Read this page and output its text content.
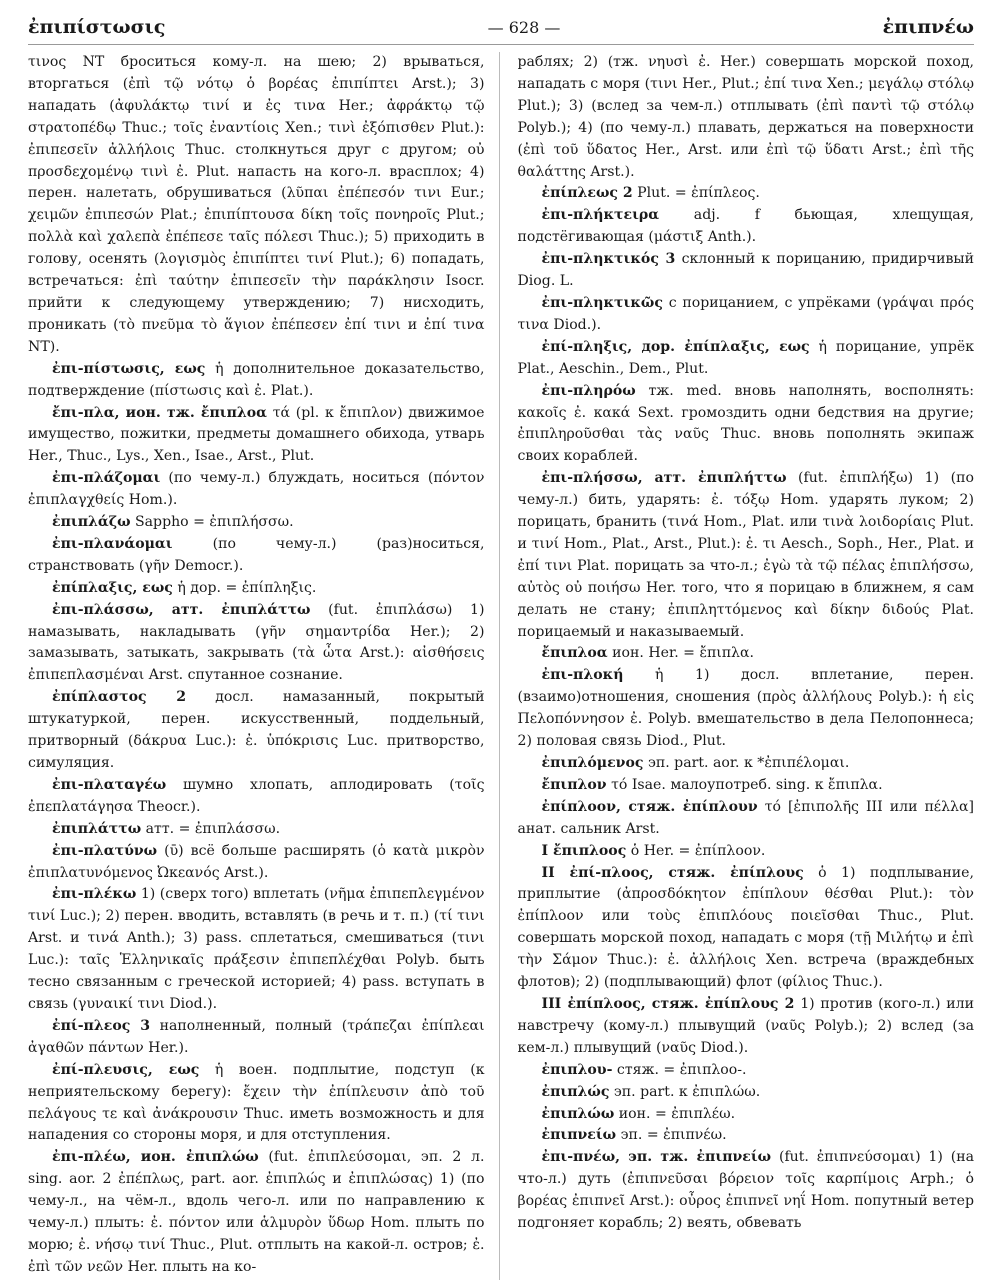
ἐπιπίστωσις	— 628 —	ἐπιπνέω

τινος NT броситься кому-л. на шею; 2) врываться, вторгаться (ἐπὶ τῷ νότῳ ὁ βορέας ἐπιπίπτει Arst.); 3) нападать (ἀφυλάκτῳ τινί и ἐς τινα Her.; ἀφράκτῳ τῷ στρατοπέδῳ Thuc.; τοῖς ἐναντίοις Xen.; τινὶ ἐξόπισθεν Plut.): ἐπιπεσεῖν ἀλλήλοις Thuc. столкнуться друг с другом; οὐ προσδεχομένῳ τινὶ ἐ. Plut. напасть на кого-л. врасплох; 4) перен. налетать, обрушиваться (λῦπαι ἐπέπεσόν τινι Eur.; χειμῶν ἐπιπεσών Plat.; ἐπιπίπτουσα δίκη τοῖς πονηροῖς Plut.; πολλὰ καὶ χαλεπὰ ἐπέπεσε ταῖς πόλεσι Thuc.); 5) приходить в голову, осенять (λογισμὸς ἐπιπίπτει τινί Plut.); 6) попадать, встречаться: ἐπὶ ταύτην ἐπιπεσεῖν τὴν παράκλησιν Isocr. прийти к следующему утверждению; 7) нисходить, проникать (τὸ πνεῦμα τὸ ἅγιον ἐπέπεσεν ἐπί τινι и ἐπί τινα NT).

ἐπι-πίστωσις, εως ἡ дополнительное доказательство, подтверждение (πίστωσις καὶ ἐ. Plat.).

ἔπι-πλα, ион. тж. ἔπιπλοα τά (pl. к ἔπιπλον) движимое имущество, пожитки, предметы домашнего обихода, утварь Her., Thuc., Lys., Xen., Isae., Arst., Plut.

ἐπι-πλάζομαι (по чему-л.) блуждать, носиться (πόντον ἐπιπλαγχθείς Hom.).

ἐπιπλάζω Sappho = ἐπιπλήσσω.

ἐπι-πλανάομαι	(по чему-л.) (раз)носиться, странствовать (γῆν Democr.).

ἐπίπλαξις, εως ἡ дор. = ἐπίπληξις.

ἐπι-πλάσσω, атт. ἐπιπλάττω (fut. ἐπιπλάσω) 1) намазывать, накладывать (γῆν σημαντρίδα Her.); 2) замазывать, затыкать, закрывать (τὰ ὦτα Arst.): αἰσθήσεις ἐπιπεπλασμέναι Arst. спутанное сознание.

ἐπίπλαστος 2 досл. намазанный, покрытый штукатуркой, перен. искусственный, поддельный, притворный (δάκρυα Luc.): ἐ. ὑπόκρισις Luc. притворство, симуляция.

ἐπι-πλαταγέω шумно хлопать, аплодировать (τοῖς ἐπεπλατάγησα Theocr.).

ἐπιπλάττω атт. = ἐπιπλάσσω.

ἐπι-πλατύνω (ῡ) всё больше расширять (ὁ κατὰ μικρὸν ἐπιπλατυνόμενος Ὠκεανός Arst.).

ἐπι-πλέκω 1) (сверх того) вплетать (νῆμα ἐπιπεπλεγμένον τινί Luc.); 2) перен. вводить, вставлять (в речь и т. п.) (τί τινι Arst. и τινά Anth.); 3) pass. сплетаться, смешиваться (τινι Luc.): ταῖς Ἑλληνικαῖς πράξεσιν ἐπιπεπλέχθαι Polyb. быть тесно связанным с греческой историей; 4) pass. вступать в связь (γυναικί τινι Diod.).

ἐπί-πλεος 3 наполненный, полный (τράπεζαι ἐπίπλεαι ἀγαθῶν πάντων Her.).

ἐπί-πλευσις, εως ἡ воен. подплытие, подступ (к неприятельскому берегу): ἔχειν τὴν ἐπίπλευσιν ἀπὸ τοῦ πελάγους τε καὶ ἀνάκρουσιν Thuc. иметь возможность и для нападения со стороны моря, и для отступления.

ἐπι-πλέω, ион. ἐπιπλώω (fut. ἐπιπλεύσομαι, эп. 2 л. sing. aor. 2 ἐπέπλως, part. aor. ἐπιπλώς и ἐπιπλώσας) 1) (по чему-л., на чём-л., вдоль чего-л. или по направлению к чему-л.) плыть: ἐ. πόντον или ἁλμυρὸν ὕδωρ Hom. плыть по морю; ἐ. νήσῳ τινί Thuc., Plut. отплыть на какой-л. остров; ἐ. ἐπὶ τῶν νεῶν Her. плыть на ко-

раблях; 2) (тж. νηυσὶ ἐ. Her.) совершать морской поход, нападать с моря (τινι Her., Plut.; ἐπί τινα Xen.; μεγάλῳ στόλῳ Plut.); 3) (вслед за чем-л.) отплывать (ἐπὶ παντὶ τῷ στόλῳ Polyb.); 4) (по чему-л.) плавать, держаться на поверхности (ἐπὶ τοῦ ὕδατος Her., Arst. или ἐπὶ τῷ ὕδατι Arst.; ἐπὶ τῆς θαλάττης Arst.).

ἐπίπλεως 2 Plut. = ἐπίπλεος.

ἐπι-πλήκτειρα adj. f бьющая, хлещущая, подстёгивающая (μάστιξ Anth.).

ἐπι-πληκτικός 3 склонный к порицанию, придирчивый Diog. L.

ἐπι-πληκτικῶς с порицанием, с упрёками (γράψαι πρός τινα Diod.).

ἐπί-πληξις, дор. ἐπίπλαξις, εως ἡ порицание, упрёк Plat., Aeschin., Dem., Plut.

ἐπι-πληρόω тж. med. вновь наполнять, восполнять: κακοῖς ἐ. κακά Sext. громоздить одни бедствия на другие; ἐπιπληροῦσθαι τὰς ναῦς Thuc. вновь пополнять экипаж своих кораблей.

ἐπι-πλήσσω, атт. ἐπιπλήττω (fut. ἐπιπλήξω) 1) (по чему-л.) бить, ударять: ἐ. τόξῳ Hom. ударять луком; 2) порицать, бранить (τινά Hom., Plat. или τινὰ λοιδορίαις Plut. и τινί Hom., Plat., Arst., Plut.): ἐ. τι Aesch., Soph., Her., Plat. и ἐπί τινι Plat. порицать за что-л.; ἐγὼ τὰ τῷ πέλας ἐπιπλήσσω, αὐτὸς οὐ ποιήσω Her. того, что я порицаю в ближнем, я сам делать не стану; ἐπιπληττόμενος καὶ δίκην διδούς Plat. порицаемый и наказываемый.

ἔπιπλοα ион. Her. = ἔπιπλα.

ἐπι-πλοκή ἡ 1) досл. вплетание, перен. (взаимо)отношения, сношения (πρὸς ἀλλήλους Polyb.): ἡ εἰς Πελοπόννησον ἐ. Polyb. вмешательство в дела Пелопоннеса; 2) половая связь Diod., Plut.

ἐπιπλόμενος эп. part. aor. к *ἐπιπέλομαι.

ἔπιπλον τό Isae. малоупотреб. sing. к ἔπιπλα.

ἐπίπλοον, стяж. ἐπίπλουν τό [ἐπιπολῆς III или πέλλα] анат. сальник Arst.

I ἔπιπλοος ὁ Her. = ἐπίπλοον.

II ἐπί-πλοος, стяж. ἐπίπλους ὁ 1) подплывание, приплытие (ἀπροσδόκητον ἐπίπλουν θέσθαι Plut.): τὸν ἐπίπλοον или τοὺς ἐπιπλόους ποιεῖσθαι Thuc., Plut. совершать морской поход, нападать с моря (τῇ Μιλήτῳ и ἐπὶ τὴν Σάμον Thuc.): ἐ. ἀλλήλοις Xen. встреча (враждебных флотов); 2) (подплывающий) флот (φίλιος Thuc.).

III ἐπίπλοος, стяж. ἐπίπλους 2 1) против (кого-л.) или навстречу (кому-л.) плывущий (ναῦς Polyb.); 2) вслед (за кем-л.) плывущий (ναῦς Diod.).

ἐπιπλου- стяж. = ἐπιπλοο-.

ἐπιπλώς эп. part. к ἐπιπλώω.

ἐπιπλώω ион. = ἐπιπλέω.

ἐπιπνείω эп. = ἐπιπνέω.

ἐπι-πνέω, эп. тж. ἐπιπνείω (fut. ἐπιπνεύσομαι) 1) (на что-л.) дуть (ἐπιπνεῦσαι βόρειον τοῖς καρπίμοις Arph.; ὁ βορέας ἐπιπνεῖ Arst.): οὖρος ἐπιπνεῖ νηΐ Hom. попутный ветер подгоняет корабль; 2) веять, обвевать
